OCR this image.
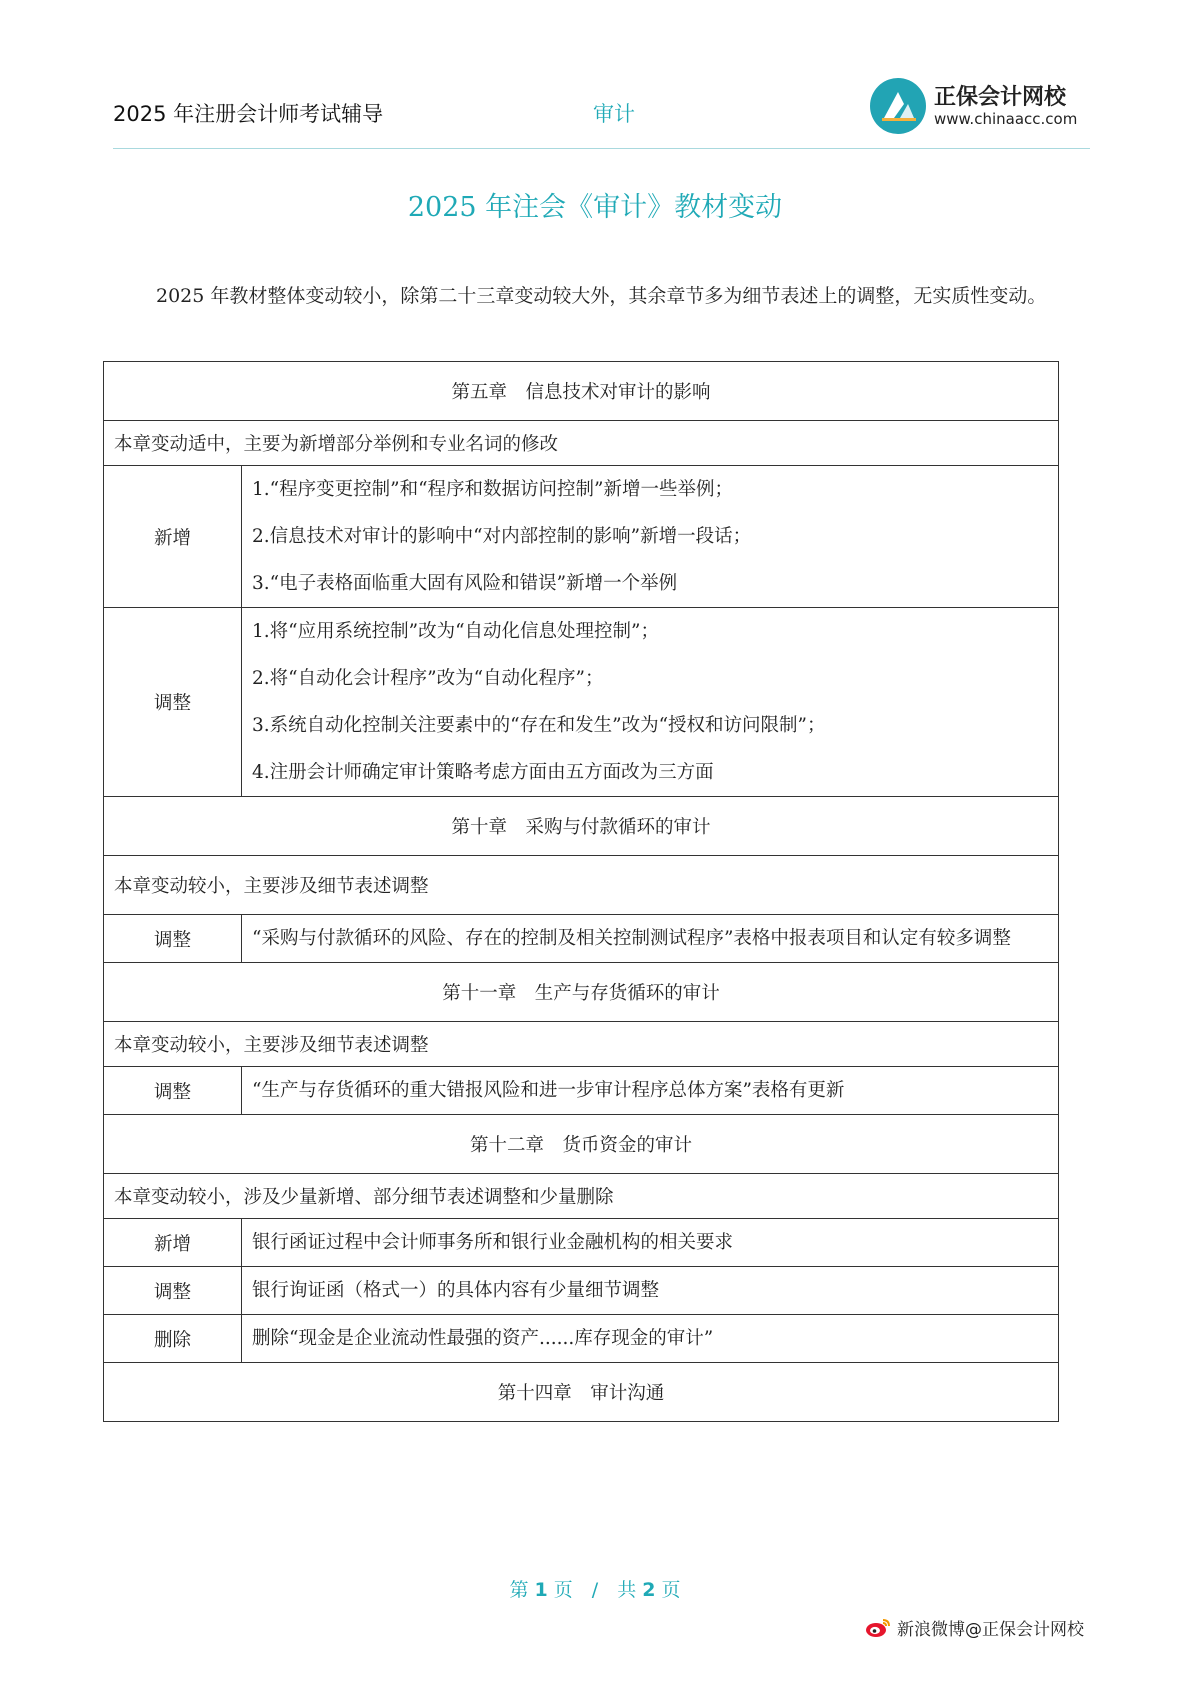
2025 年注册会计师考试辅导	审计
正保会计网校
www.chinaacc.com
2025 年注会《审计》教材变动
2025 年教材整体变动较小，除第二十三章变动较大外，其余章节多为细节表述上的调整，无实质性变动。
第五章　信息技术对审计的影响	
本章变动适中，主要为新增部分举例和专业名词的修改	
新增	1.“程序变更控制”和“程序和数据访问控制”新增一些举例；
2.信息技术对审计的影响中“对内部控制的影响”新增一段话；
3.“电子表格面临重大固有风险和错误”新增一个举例

调整	1.将“应用系统控制”改为“自动化信息处理控制”；
2.将“自动化会计程序”改为“自动化程序”；
3.系统自动化控制关注要素中的“存在和发生”改为“授权和访问限制”；
4.注册会计师确定审计策略考虑方面由五方面改为三方面

第十章　采购与付款循环的审计	
本章变动较小，主要涉及细节表述调整	
调整	“采购与付款循环的风险、存在的控制及相关控制测试程序”表格中报表项目和认定有较多调整

第十一章　生产与存货循环的审计	
本章变动较小，主要涉及细节表述调整	
调整	“生产与存货循环的重大错报风险和进一步审计程序总体方案”表格有更新

第十二章　货币资金的审计	
本章变动较小，涉及少量新增、部分细节表述调整和少量删除	
新增	银行函证过程中会计师事务所和银行业金融机构的相关要求

调整	银行询证函（格式一）的具体内容有少量细节调整

删除	删除“现金是企业流动性最强的资产......库存现金的审计”

第十四章　审计沟通	
第 1 页　/　共 2 页
新浪微博@正保会计网校
